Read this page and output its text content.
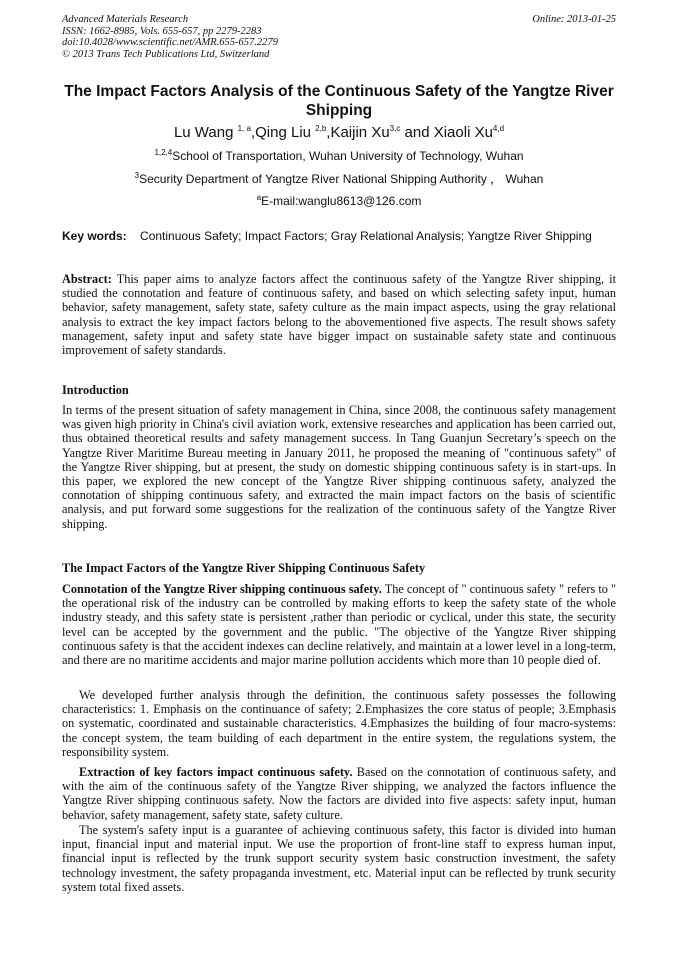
Advanced Materials Research
ISSN: 1662-8985, Vols. 655-657, pp 2279-2283
doi:10.4028/www.scientific.net/AMR.655-657.2279
© 2013 Trans Tech Publications Ltd, Switzerland
Online: 2013-01-25
The Impact Factors Analysis of the Continuous Safety of the Yangtze River Shipping
Lu Wang $^{1, a}$,Qing Liu $^{2,b}$,Kaijin Xu$^{3,c}$ and Xiaoli Xu$^{4,d}$
$^{1,2,4}$School of Transportation, Wuhan University of Technology, Wuhan
$^3$Security Department of Yangtze River National Shipping Authority ， Wuhan
$^a$E-mail:wanglu8613@126.com
Key words: Continuous Safety; Impact Factors; Gray Relational Analysis; Yangtze River Shipping
Abstract: This paper aims to analyze factors affect the continuous safety of the Yangtze River shipping, it studied the connotation and feature of continuous safety, and based on which selecting safety input, human behavior, safety management, safety state, safety culture as the main impact aspects, using the gray relational analysis to extract the key impact factors belong to the abovementioned five aspects. The result shows safety management, safety input and safety state have bigger impact on sustainable safety state and continuous improvement of safety standards.
Introduction
In terms of the present situation of safety management in China, since 2008, the continuous safety management was given high priority in China's civil aviation work, extensive researches and application has been carried out, thus obtained theoretical results and safety management success. In Tang Guanjun Secretary’s speech on the Yangtze River Maritime Bureau meeting in January 2011, he proposed the meaning of "continuous safety" of the Yangtze River shipping, but at present, the study on domestic shipping continuous safety is in start-ups. In this paper, we explored the new concept of the Yangtze River shipping continuous safety, analyzed the connotation of shipping continuous safety, and extracted the main impact factors on the basis of scientific analysis, and put forward some suggestions for the realization of the continuous safety of the Yangtze River shipping.
The Impact Factors of the Yangtze River Shipping Continuous Safety
Connotation of the Yangtze River shipping continuous safety. The concept of " continuous safety " refers to " the operational risk of the industry can be controlled by making efforts to keep the safety state of the whole industry steady, and this safety state is persistent ,rather than periodic or cyclical, under this state, the security level can be accepted by the government and the public. "The objective of the Yangtze River shipping continuous safety is that the accident indexes can decline relatively, and maintain at a lower level in a long-term, and there are no maritime accidents and major marine pollution accidents which more than 10 people died of.
We developed further analysis through the definition, the continuous safety possesses the following characteristics: 1. Emphasis on the continuance of safety; 2.Emphasizes the core status of people; 3.Emphasis on systematic, coordinated and sustainable characteristics. 4.Emphasizes the building of four macro-systems: the concept system, the team building of each department in the entire system, the regulations system, the responsibility system.
Extraction of key factors impact continuous safety. Based on the connotation of continuous safety, and with the aim of the continuous safety of the Yangtze River shipping, we analyzed the factors influence the Yangtze River shipping continuous safety. Now the factors are divided into five aspects: safety input, human behavior, safety management, safety state, safety culture.
The system's safety input is a guarantee of achieving continuous safety, this factor is divided into human input, financial input and material input. We use the proportion of front-line staff to express human input, financial input is reflected by the trunk support security system basic construction investment, the safety technology investment, the safety propaganda investment, etc. Material input can be reflected by trunk security system total fixed assets.
